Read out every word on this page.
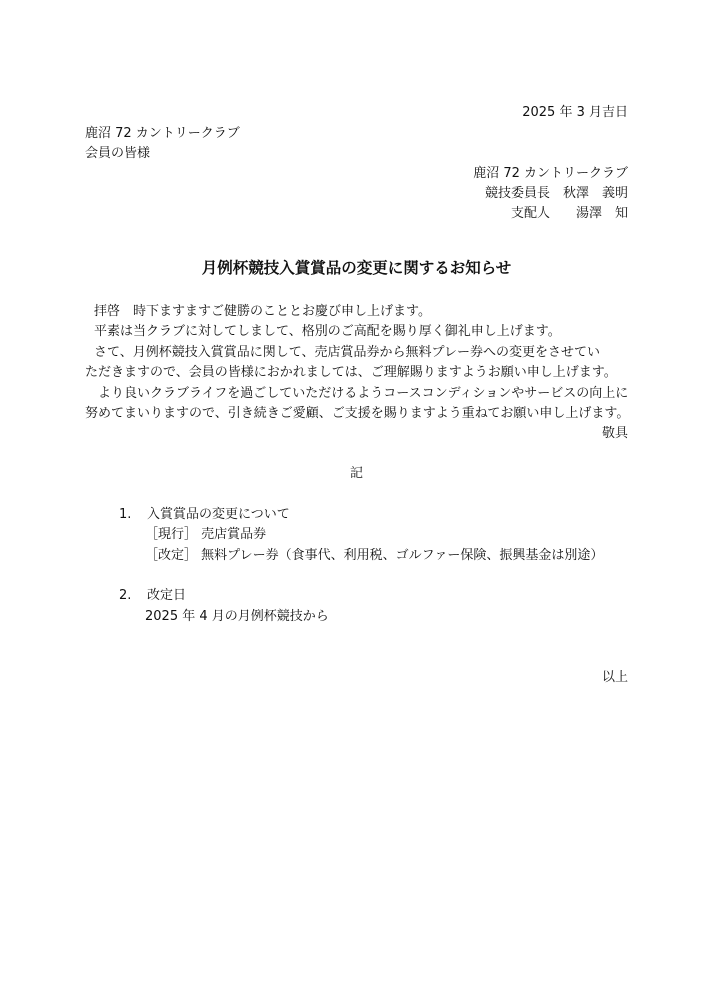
2025 年 3 月吉日
鹿沼 72 カントリークラブ
会員の皆様
鹿沼 72 カントリークラブ
競技委員長　秋澤　義明
支配人　　湯澤　知
月例杯競技入賞賞品の変更に関するお知らせ
拝啓　時下ますますご健勝のこととお慶び申し上げます。
平素は当クラブに対してしまして、格別のご高配を賜り厚く御礼申し上げます。
さて、月例杯競技入賞賞品に関して、売店賞品券から無料プレー券への変更をさせてい
ただきますので、会員の皆様におかれましては、ご理解賜りますようお願い申し上げます。
より良いクラブライフを過ごしていただけるようコースコンディションやサービスの向上に
努めてまいりますので、引き続きご愛顧、ご支援を賜りますよう重ねてお願い申し上げます。
敬具
記
1. 入賞賞品の変更について
［現行］ 売店賞品券
［改定］ 無料プレー券（食事代、利用税、ゴルファー保険、振興基金は別途）
2. 改定日
2025 年 4 月の月例杯競技から
以上
